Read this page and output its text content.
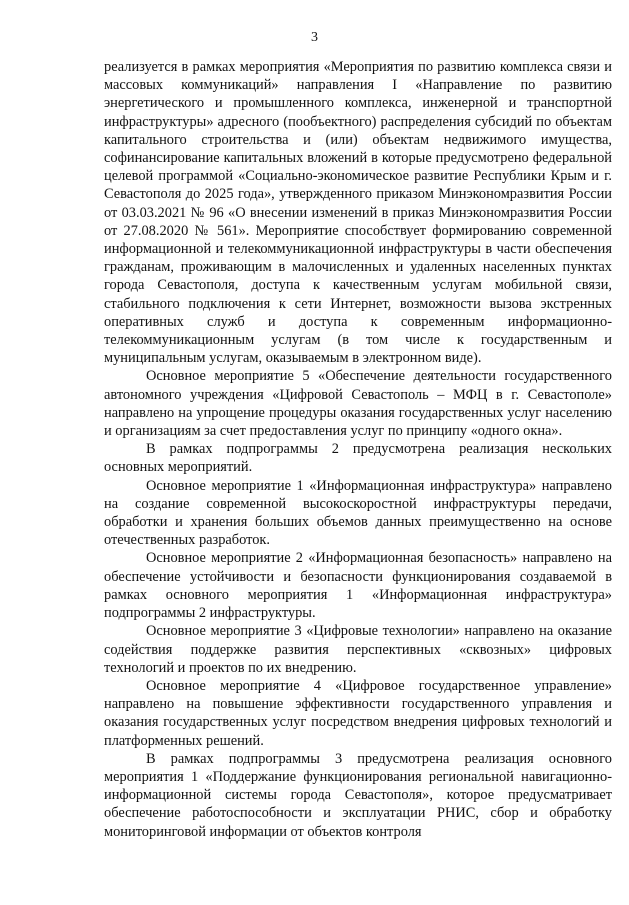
3

реализуется в рамках мероприятия «Мероприятия по развитию комплекса связи и массовых коммуникаций» направления I «Направление по развитию энергетического и промышленного комплекса, инженерной и транспортной инфраструктуры» адресного (пообъектного) распределения субсидий по объектам капитального строительства и (или) объектам недвижимого имущества, софинансирование капитальных вложений в которые предусмотрено федеральной целевой программой «Социально-экономическое развитие Республики Крым и г. Севастополя до 2025 года», утвержденного приказом Минэкономразвития России от 03.03.2021 № 96 «О внесении изменений в приказ Минэкономразвития России от 27.08.2020 № 561». Мероприятие способствует формированию современной информационной и телекоммуникационной инфраструктуры в части обеспечения гражданам, проживающим в малочисленных и удаленных населенных пунктах города Севастополя, доступа к качественным услугам мобильной связи, стабильного подключения к сети Интернет, возможности вызова экстренных оперативных служб и доступа к современным информационно-телекоммуникационным услугам (в том числе к государственным и муниципальным услугам, оказываемым в электронном виде).

Основное мероприятие 5 «Обеспечение деятельности государственного автономного учреждения «Цифровой Севастополь – МФЦ в г. Севастополе» направлено на упрощение процедуры оказания государственных услуг населению и организациям за счет предоставления услуг по принципу «одного окна».

В рамках подпрограммы 2 предусмотрена реализация нескольких основных мероприятий.

Основное мероприятие 1 «Информационная инфраструктура» направлено на создание современной высокоскоростной инфраструктуры передачи, обработки и хранения больших объемов данных преимущественно на основе отечественных разработок.

Основное мероприятие 2 «Информационная безопасность» направлено на обеспечение устойчивости и безопасности функционирования создаваемой в рамках основного мероприятия 1 «Информационная инфраструктура» подпрограммы 2 инфраструктуры.

Основное мероприятие 3 «Цифровые технологии» направлено на оказание содействия поддержке развития перспективных «сквозных» цифровых технологий и проектов по их внедрению.

Основное мероприятие 4 «Цифровое государственное управление» направлено на повышение эффективности государственного управления и оказания государственных услуг посредством внедрения цифровых технологий и платформенных решений.

В рамках подпрограммы 3 предусмотрена реализация основного мероприятия 1 «Поддержание функционирования региональной навигационно-информационной системы города Севастополя», которое предусматривает обеспечение работоспособности и эксплуатации РНИС, сбор и обработку мониторинговой информации от объектов контроля
